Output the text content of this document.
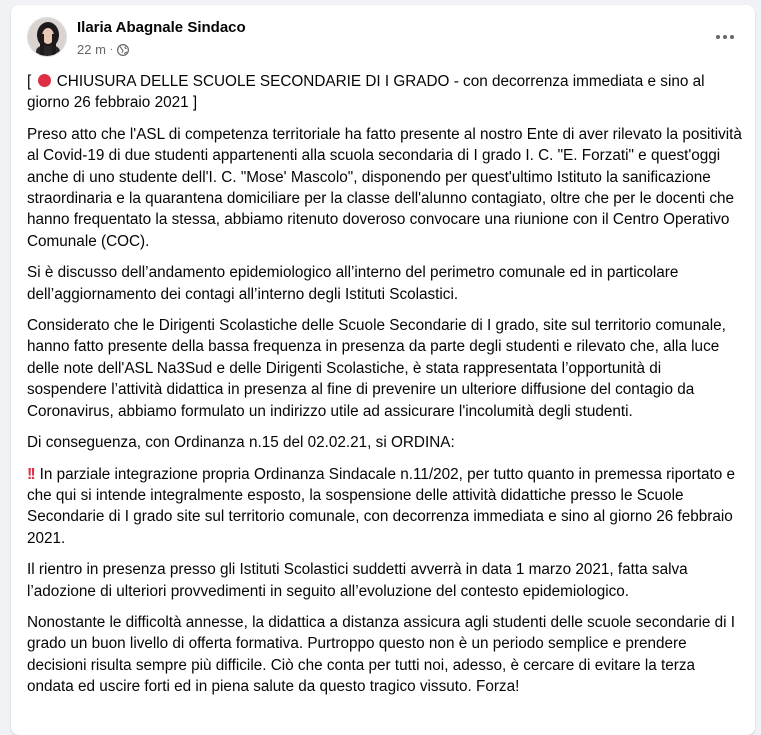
Ilaria Abagnale Sindaco
22 m ·

[ CHIUSURA DELLE SCUOLE SECONDARIE DI I GRADO - con decorrenza immediata e sino al giorno 26 febbraio 2021 ]

Preso atto che l'ASL di competenza territoriale ha fatto presente al nostro Ente di aver rilevato la positività al Covid-19 di due studenti appartenenti alla scuola secondaria di I grado I. C. "E. Forzati" e quest'oggi anche di uno studente dell'I. C. "Mose' Mascolo", disponendo per quest'ultimo Istituto la sanificazione straordinaria e la quarantena domiciliare per la classe dell'alunno contagiato, oltre che per le docenti che hanno frequentato la stessa, abbiamo ritenuto doveroso convocare una riunione con il Centro Operativo Comunale (COC).

Si è discusso dell’andamento epidemiologico all’interno del perimetro comunale ed in particolare dell’aggiornamento dei contagi all’interno degli Istituti Scolastici.

Considerato che le Dirigenti Scolastiche delle Scuole Secondarie di I grado, site sul territorio comunale, hanno fatto presente della bassa frequenza in presenza da parte degli studenti e rilevato che, alla luce delle note dell'ASL Na3Sud e delle Dirigenti Scolastiche, è stata rappresentata l’opportunità di sospendere l’attività didattica in presenza al fine di prevenire un ulteriore diffusione del contagio da Coronavirus, abbiamo formulato un indirizzo utile ad assicurare l'incolumità degli studenti.

Di conseguenza, con Ordinanza n.15 del 02.02.21, si ORDINA:

!! In parziale integrazione propria Ordinanza Sindacale n.11/202, per tutto quanto in premessa riportato e che qui si intende integralmente esposto, la sospensione delle attività didattiche presso le Scuole Secondarie di I grado site sul territorio comunale, con decorrenza immediata e sino al giorno 26 febbraio 2021.

Il rientro in presenza presso gli Istituti Scolastici suddetti avverrà in data 1 marzo 2021, fatta salva l’adozione di ulteriori provvedimenti in seguito all’evoluzione del contesto epidemiologico.

Nonostante le difficoltà annesse, la didattica a distanza assicura agli studenti delle scuole secondarie di I grado un buon livello di offerta formativa. Purtroppo questo non è un periodo semplice e prendere decisioni risulta sempre più difficile. Ciò che conta per tutti noi, adesso, è cercare di evitare la terza ondata ed uscire forti ed in piena salute da questo tragico vissuto. Forza!
